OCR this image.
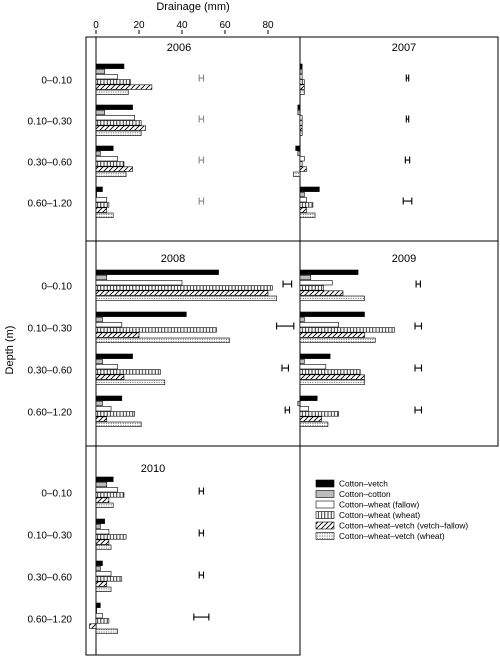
Drainage (mm)
0	20	40	60	80
Depth (m)
2006
0–0.10
0.10–0.30
0.30–0.60
0.60–1.20
2007
2008
0–0.10
0.10–0.30
0.30–0.60
0.60–1.20
2009
2010
0–0.10
0.10–0.30
0.30–0.60
0.60–1.20
Cotton–vetch
Cotton–cotton
Cotton–wheat (fallow)
Cotton–wheat (wheat)
Cotton–wheat–vetch (vetch–fallow)
Cotton–wheat–vetch (wheat)
